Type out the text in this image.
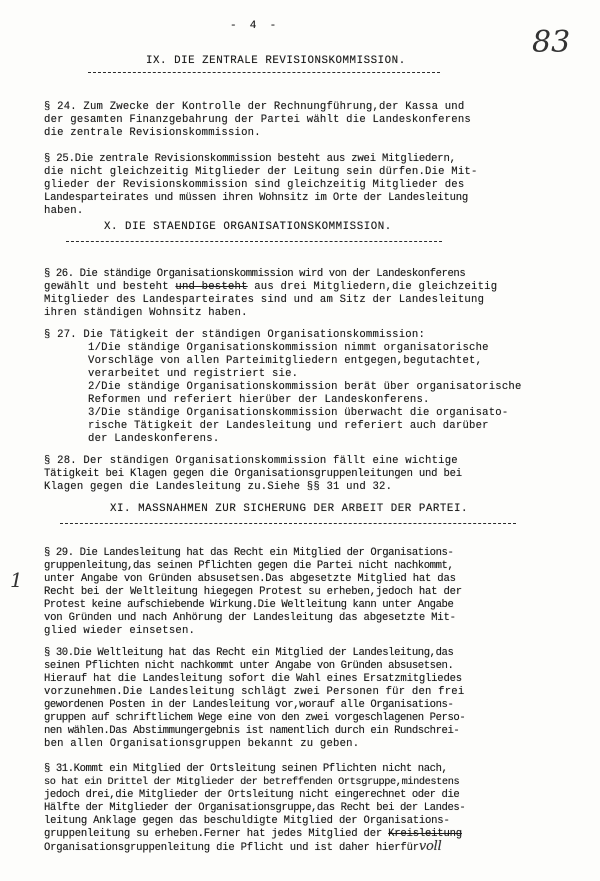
- 4 -	83
1
IX. DIE ZENTRALE REVISIONSKOMMISSION.
§ 24. Zum Zwecke der Kontrolle der Rechnungführung,der Kassa und
der gesamten Finanzgebahrung der Partei wählt die Landeskonferens
die zentrale Revisionskommission.
§ 25.Die zentrale Revisionskommission besteht aus zwei Mitgliedern,
die nicht gleichzeitig Mitglieder der Leitung sein dürfen.Die Mit-
glieder der Revisionskommission sind gleichzeitig Mitglieder des
Landesparteirates und müssen ihren Wohnsitz im Orte der Landesleitung
haben.
X. DIE STAENDIGE ORGANISATIONSKOMMISSION.
§ 26. Die ständige Organisationskommission wird von der Landeskonferens
gewählt und besteht und besteht aus drei Mitgliedern,die gleichzeitig
Mitglieder des Landesparteirates sind und am Sitz der Landesleitung
ihren ständigen Wohnsitz haben.
§ 27. Die Tätigkeit der ständigen Organisationskommission:
1/Die ständige Organisationskommission nimmt organisatorische
Vorschläge von allen Parteimitgliedern entgegen,begutachtet,
verarbeitet und registriert sie.
2/Die ständige Organisationskommission berät über organisatorische
Reformen und referiert hierüber der Landeskonferens.
3/Die ständige Organisationskommission überwacht die organisato-
rische Tätigkeit der Landesleitung und referiert auch darüber
der Landeskonferens.
§ 28. Der ständigen Organisationskommission fällt eine wichtige
Tätigkeit bei Klagen gegen die Organisationsgruppenleitungen und bei
Klagen gegen die Landesleitung zu.Siehe §§ 31 und 32.
XI. MASSNAHMEN ZUR SICHERUNG DER ARBEIT DER PARTEI.
§ 29. Die Landesleitung hat das Recht ein Mitglied der Organisations-
gruppenleitung,das seinen Pflichten gegen die Partei nicht nachkommt,
unter Angabe von Gründen absusetsen.Das abgesetzte Mitglied hat das
Recht bei der Weltleitung hiegegen Protest su erheben,jedoch hat der
Protest keine aufschiebende Wirkung.Die Weltleitung kann unter Angabe
von Gründen und nach Anhörung der Landesleitung das abgesetzte Mit-
glied wieder einsetsen.
§ 30.Die Weltleitung hat das Recht ein Mitglied der Landesleitung,das
seinen Pflichten nicht nachkommt unter Angabe von Gründen absusetsen.
Hierauf hat die Landesleitung sofort die Wahl eines Ersatzmitgliedes
vorzunehmen.Die Landesleitung schlägt zwei Personen für den frei
gewordenen Posten in der Landesleitung vor,worauf alle Organisations-
gruppen auf schriftlichem Wege eine von den zwei vorgeschlagenen Perso-
nen wählen.Das Abstimmungergebnis ist namentlich durch ein Rundschrei-
ben allen Organisationsgruppen bekannt zu geben.
§ 31.Kommt ein Mitglied der Ortsleitung seinen Pflichten nicht nach,
so hat ein Drittel der Mitglieder der betreffenden Ortsgruppe,mindestens
jedoch drei,die Mitglieder der Ortsleitung nicht eingerechnet oder die
Hälfte der Mitglieder der Organisationsgruppe,das Recht bei der Landes-
leitung Anklage gegen das beschuldigte Mitglied der Organisations-
gruppenleitung su erheben.Ferner hat jedes Mitglied der Kreisleitung
Organisationsgruppenleitung die Pflicht und ist daher hierfürvoll
